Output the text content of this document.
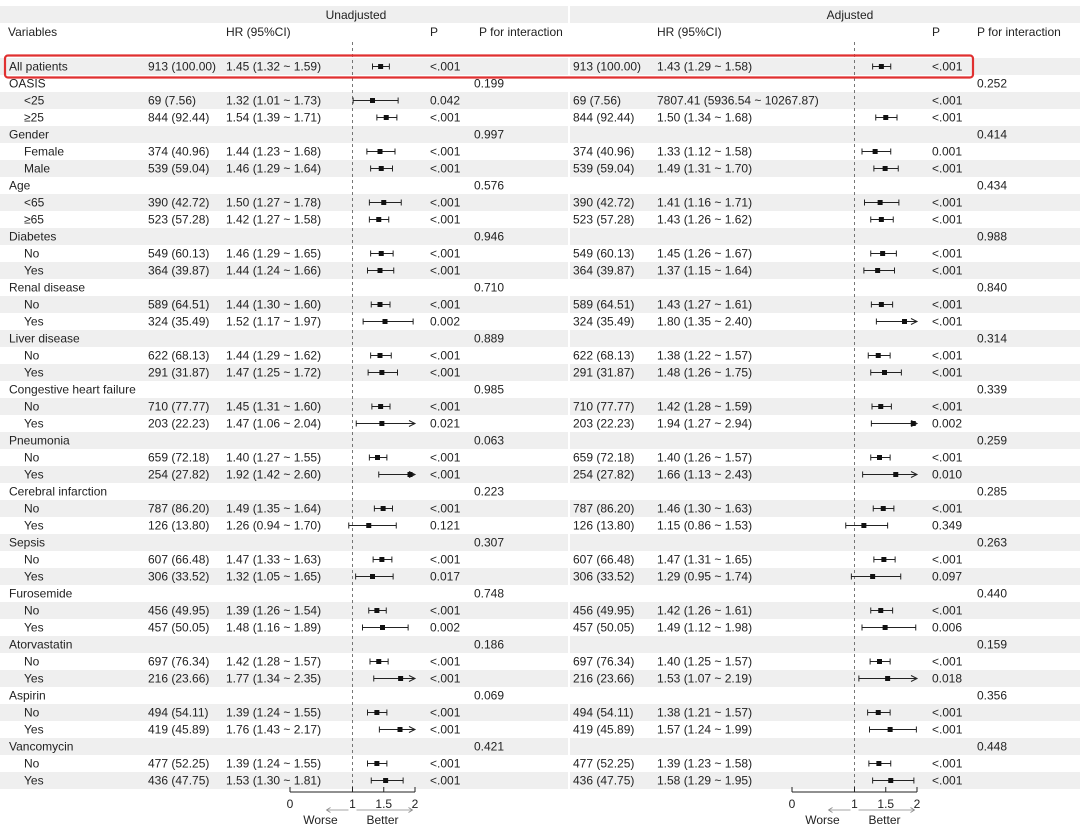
Unadjusted	Adjusted
Variables	HR (95%CI)	P	P for interaction	HR (95%CI)	P	P for interaction
All patients	913 (100.00) 1.45 (1.32 ~ 1.59)	<.001	913 (100.00) 1.43 (1.29 ~ 1.58)	<.001
OASIS	0.199	0.252
<25	69 (7.56) 1.32 (1.01 ~ 1.73)	0.042	69 (7.56)	7807.41 (5936.54 ~ 10267.87)	<.001
≥25	844 (92.44) 1.54 (1.39 ~ 1.71)	<.001	844 (92.44) 1.50 (1.34 ~ 1.68)	<.001
Gender	0.997	0.414
Female	374 (40.96) 1.44 (1.23 ~ 1.68)	<.001	374 (40.96) 1.33 (1.12 ~ 1.58)	0.001
Male	539 (59.04) 1.46 (1.29 ~ 1.64)	<.001	539 (59.04) 1.49 (1.31 ~ 1.70)	<.001
Age	0.576	0.434
<65	390 (42.72) 1.50 (1.27 ~ 1.78)	<.001	390 (42.72) 1.41 (1.16 ~ 1.71)	<.001
≥65	523 (57.28) 1.42 (1.27 ~ 1.58)	<.001	523 (57.28) 1.43 (1.26 ~ 1.62)	<.001
Diabetes	0.946	0.988
No	549 (60.13) 1.46 (1.29 ~ 1.65)	<.001	549 (60.13) 1.45 (1.26 ~ 1.67)	<.001
Yes	364 (39.87) 1.44 (1.24 ~ 1.66)	<.001	364 (39.87) 1.37 (1.15 ~ 1.64)	<.001
Renal disease	0.710	0.840
No	589 (64.51) 1.44 (1.30 ~ 1.60)	<.001	589 (64.51) 1.43 (1.27 ~ 1.61)	<.001
Yes	324 (35.49) 1.52 (1.17 ~ 1.97)	0.002	324 (35.49) 1.80 (1.35 ~ 2.40)	<.001
Liver disease	0.889	0.314
No	622 (68.13) 1.44 (1.29 ~ 1.62)	<.001	622 (68.13) 1.38 (1.22 ~ 1.57)	<.001
Yes	291 (31.87) 1.47 (1.25 ~ 1.72)	<.001	291 (31.87) 1.48 (1.26 ~ 1.75)	<.001
Congestive heart failure	0.985	0.339
No	710 (77.77) 1.45 (1.31 ~ 1.60)	<.001	710 (77.77) 1.42 (1.28 ~ 1.59)	<.001
Yes	203 (22.23) 1.47 (1.06 ~ 2.04)	0.021	203 (22.23) 1.94 (1.27 ~ 2.94)	0.002
Pneumonia	0.063	0.259
No	659 (72.18) 1.40 (1.27 ~ 1.55)	<.001	659 (72.18) 1.40 (1.26 ~ 1.57)	<.001
Yes	254 (27.82) 1.92 (1.42 ~ 2.60)	<.001	254 (27.82) 1.66 (1.13 ~ 2.43)	0.010
Cerebral infarction	0.223	0.285
No	787 (86.20) 1.49 (1.35 ~ 1.64)	<.001	787 (86.20) 1.46 (1.30 ~ 1.63)	<.001
Yes	126 (13.80) 1.26 (0.94 ~ 1.70)	0.121	126 (13.80) 1.15 (0.86 ~ 1.53)	0.349
Sepsis	0.307	0.263
No	607 (66.48) 1.47 (1.33 ~ 1.63)	<.001	607 (66.48) 1.47 (1.31 ~ 1.65)	<.001
Yes	306 (33.52) 1.32 (1.05 ~ 1.65)	0.017	306 (33.52) 1.29 (0.95 ~ 1.74)	0.097
Furosemide	0.748	0.440
No	456 (49.95) 1.39 (1.26 ~ 1.54)	<.001	456 (49.95) 1.42 (1.26 ~ 1.61)	<.001
Yes	457 (50.05) 1.48 (1.16 ~ 1.89)	0.002	457 (50.05) 1.49 (1.12 ~ 1.98)	0.006
Atorvastatin	0.186	0.159
No	697 (76.34) 1.42 (1.28 ~ 1.57)	<.001	697 (76.34) 1.40 (1.25 ~ 1.57)	<.001
Yes	216 (23.66) 1.77 (1.34 ~ 2.35)	<.001	216 (23.66) 1.53 (1.07 ~ 2.19)	0.018
Aspirin	0.069	0.356
No	494 (54.11) 1.39 (1.24 ~ 1.55)	<.001	494 (54.11) 1.38 (1.21 ~ 1.57)	<.001
Yes	419 (45.89) 1.76 (1.43 ~ 2.17)	<.001	419 (45.89) 1.57 (1.24 ~ 1.99)	<.001
Vancomycin	0.421	0.448
No	477 (52.25) 1.39 (1.24 ~ 1.55)	<.001	477 (52.25) 1.39 (1.23 ~ 1.58)	<.001
Yes	436 (47.75) 1.53 (1.30 ~ 1.81)	<.001	436 (47.75) 1.58 (1.29 ~ 1.95)	<.001
0	1 1.5 2
Worse Better
0	1 1.5 2
Worse Better
